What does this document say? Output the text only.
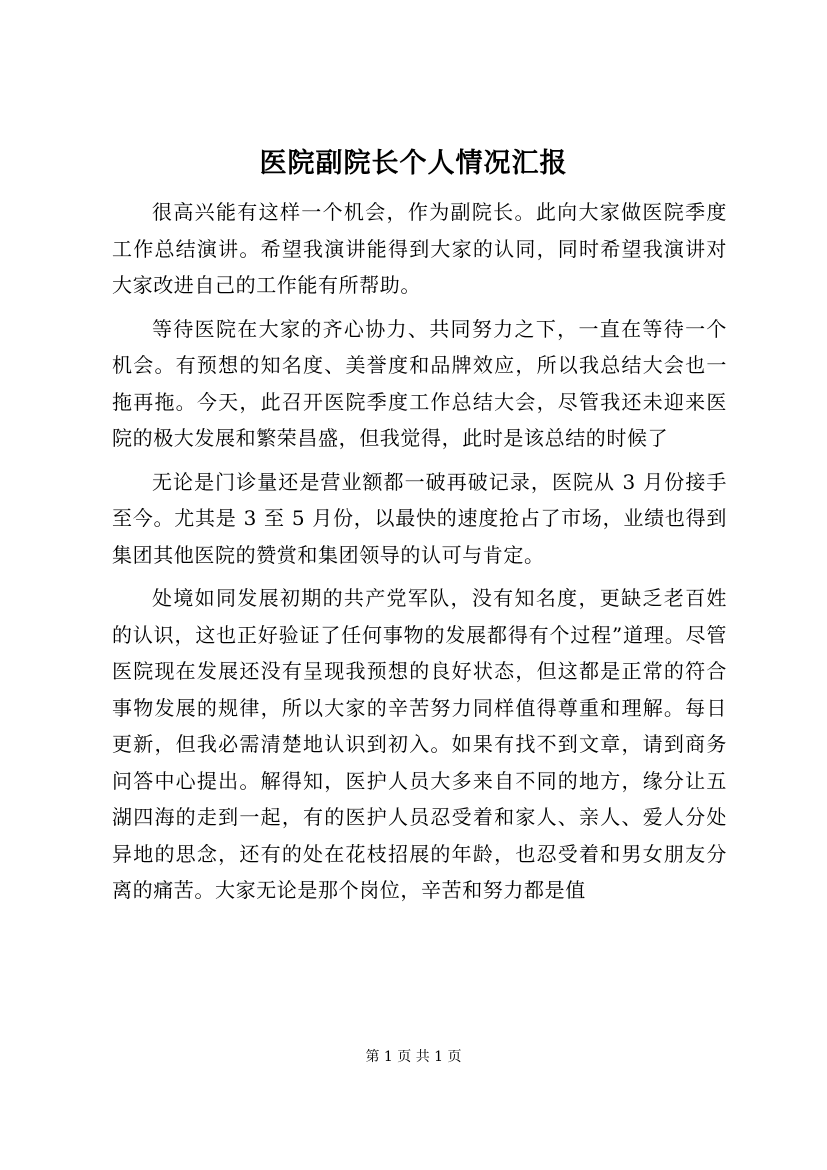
医院副院长个人情况汇报

很高兴能有这样一个机会，作为副院长。此向大家做医院季度工作总结演讲。希望我演讲能得到大家的认同，同时希望我演讲对大家改进自己的工作能有所帮助。

等待医院在大家的齐心协力、共同努力之下，一直在等待一个机会。有预想的知名度、美誉度和品牌效应，所以我总结大会也一拖再拖。今天，此召开医院季度工作总结大会，尽管我还未迎来医院的极大发展和繁荣昌盛，但我觉得，此时是该总结的时候了

无论是门诊量还是营业额都一破再破记录，医院从 3 月份接手至今。尤其是 3 至 5 月份，以最快的速度抢占了市场，业绩也得到集团其他医院的赞赏和集团领导的认可与肯定。

处境如同发展初期的共产党军队，没有知名度，更缺乏老百姓的认识，这也正好验证了任何事物的发展都得有个过程”道理。尽管医院现在发展还没有呈现我预想的良好状态，但这都是正常的符合事物发展的规律，所以大家的辛苦努力同样值得尊重和理解。每日更新，但我必需清楚地认识到初入。如果有找不到文章，请到商务问答中心提出。解得知，医护人员大多来自不同的地方，缘分让五湖四海的走到一起，有的医护人员忍受着和家人、亲人、爱人分处异地的思念，还有的处在花枝招展的年龄，也忍受着和男女朋友分离的痛苦。大家无论是那个岗位，辛苦和努力都是值

第 1 页 共 1 页
